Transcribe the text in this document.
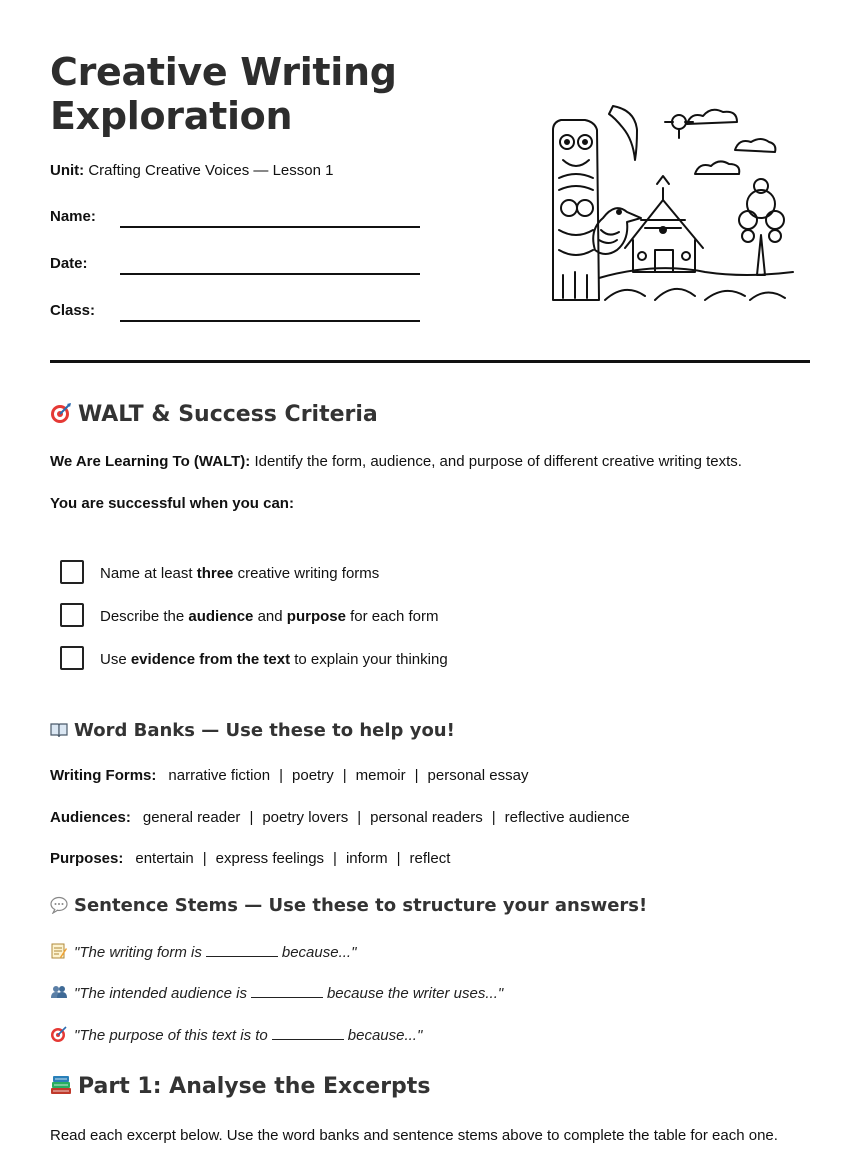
Creative Writing
Exploration
Unit: Crafting Creative Voices — Lesson 1
Name:
Date:
Class:
WALT & Success Criteria
We Are Learning To (WALT): Identify the form, audience, and purpose of different creative writing texts.
You are successful when you can:
Name at least three creative writing forms
Describe the audience and purpose for each form
Use evidence from the text to explain your thinking
Word Banks — Use these to help you!
Writing Forms: narrative fiction | poetry | memoir | personal essay
Audiences: general reader | poetry lovers | personal readers | reflective audience
Purposes: entertain | express feelings | inform | reflect
Sentence Stems — Use these to structure your answers!
"The writing form is	because..."
"The intended audience is	because the writer uses..."
"The purpose of this text is to	because..."
Part 1: Analyse the Excerpts
Read each excerpt below. Use the word banks and sentence stems above to complete the table for each one.
